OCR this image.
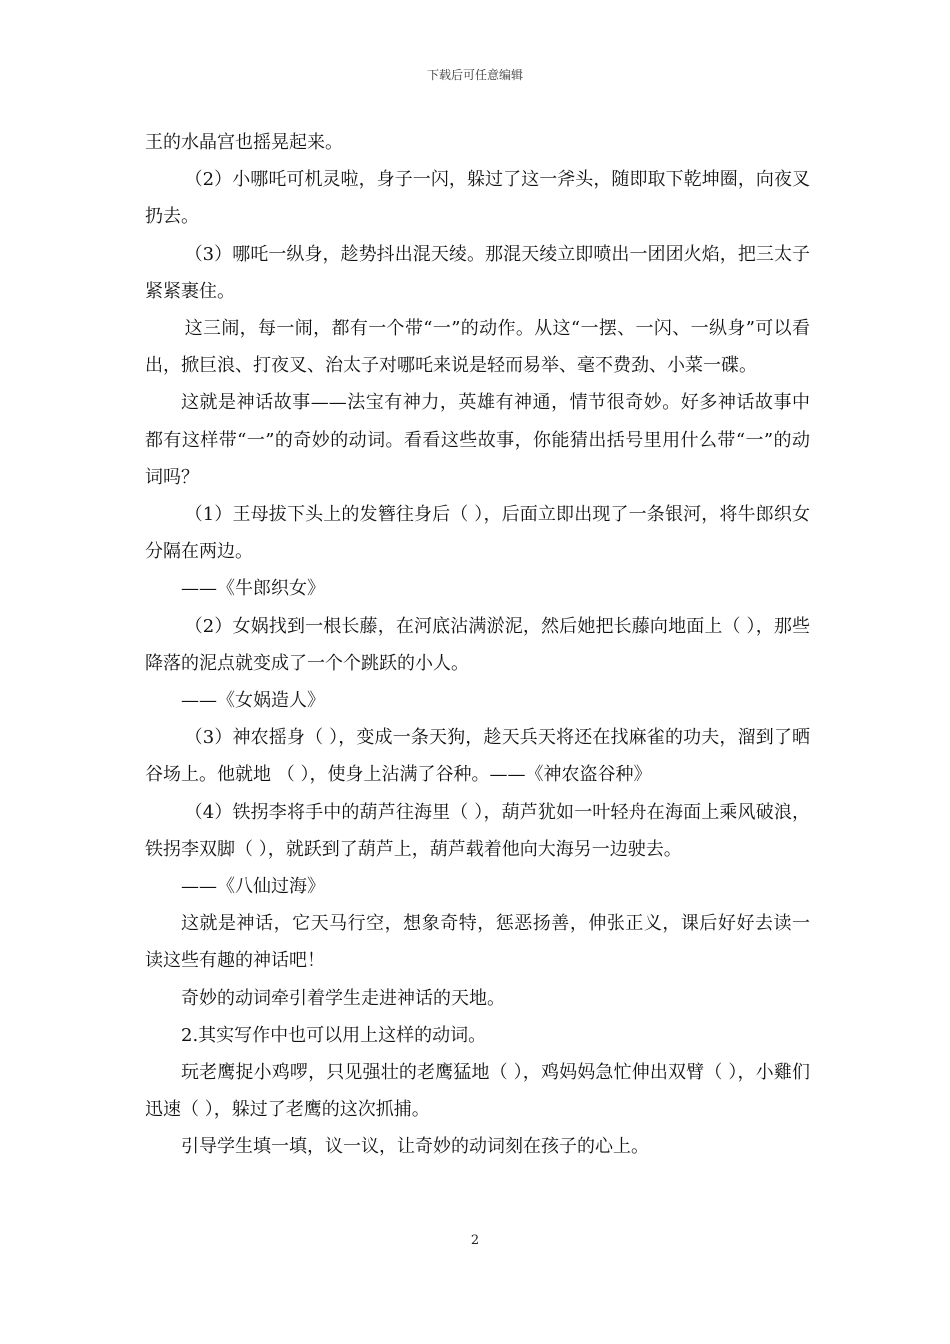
下载后可任意编辑

王的水晶宫也摇晃起来。

（2）小哪吒可机灵啦，身子一闪，躲过了这一斧头，随即取下乾坤圈，向夜叉扔去。

（3）哪吒一纵身，趁势抖出混天绫。那混天绫立即喷出一团团火焰，把三太子紧紧裹住。

这三闹，每一闹，都有一个带“一”的动作。从这“一摆、一闪、一纵身”可以看出，掀巨浪、打夜叉、治太子对哪吒来说是轻而易举、毫不费劲、小菜一碟。

这就是神话故事——法宝有神力，英雄有神通，情节很奇妙。好多神话故事中都有这样带“一”的奇妙的动词。看看这些故事，你能猜出括号里用什么带“一”的动词吗？

（1）王母拔下头上的发簪往身后（ ），后面立即出现了一条银河，将牛郎织女分隔在两边。

——《牛郎织女》

（2）女娲找到一根长藤，在河底沾满淤泥，然后她把长藤向地面上（ ），那些降落的泥点就变成了一个个跳跃的小人。

——《女娲造人》

（3）神农摇身（ ），变成一条天狗，趁天兵天将还在找麻雀的功夫，溜到了晒谷场上。他就地 （ ），使身上沾满了谷种。——《神农盗谷种》

（4）铁拐李将手中的葫芦往海里（ ），葫芦犹如一叶轻舟在海面上乘风破浪，铁拐李双脚（ ），就跃到了葫芦上，葫芦载着他向大海另一边驶去。

——《八仙过海》

这就是神话，它天马行空，想象奇特，惩恶扬善，伸张正义，课后好好去读一读这些有趣的神话吧！

奇妙的动词牵引着学生走进神话的天地。

2.其实写作中也可以用上这样的动词。

玩老鹰捉小鸡啰，只见强壮的老鹰猛地（ ），鸡妈妈急忙伸出双臂（ ），小雞们迅速（ ），躲过了老鹰的这次抓捕。

引导学生填一填，议一议，让奇妙的动词刻在孩子的心上。

2
